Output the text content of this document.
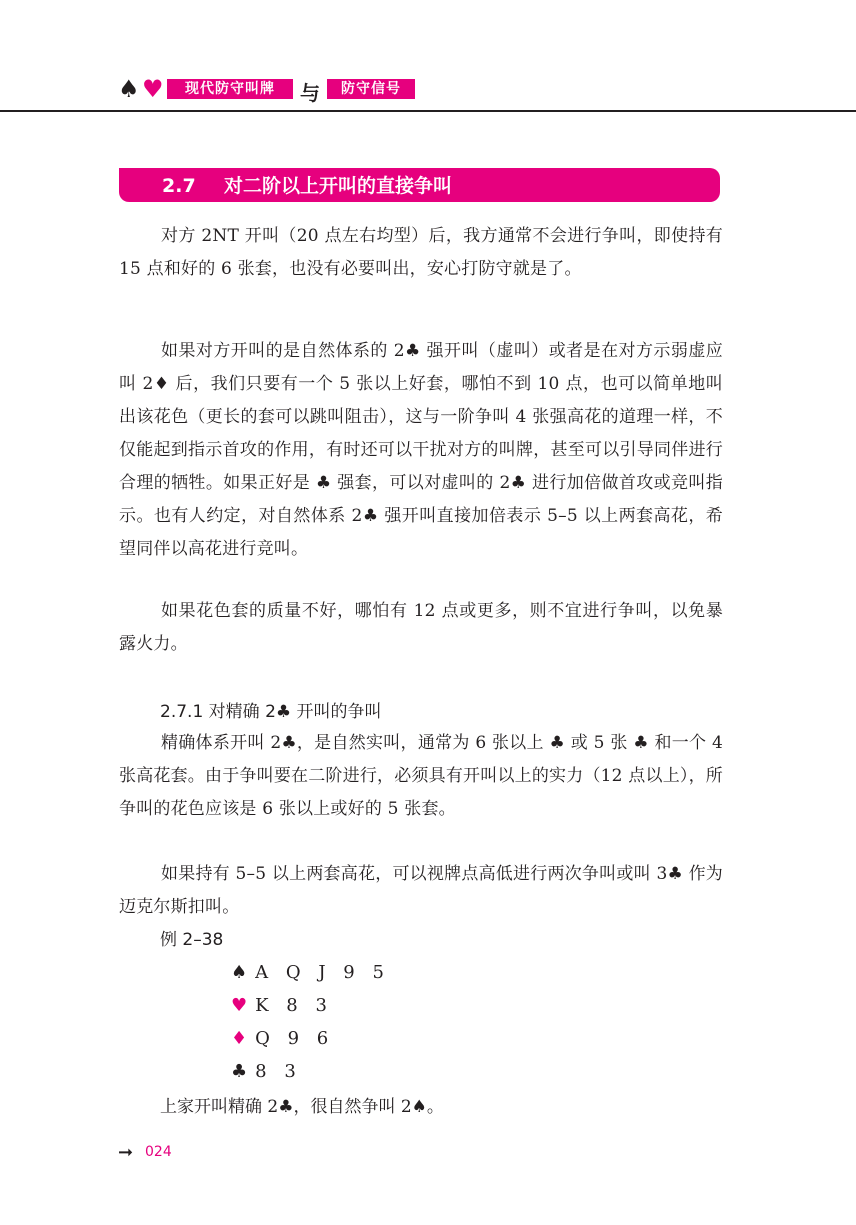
♠ ♥	现代防守叫牌	与	防守信号
2.7 对二阶以上开叫的直接争叫

对方 2NT 开叫（20 点左右均型）后，我方通常不会进行争叫，即使持有 15 点和好的 6 张套，也没有必要叫出，安心打防守就是了。

如果对方开叫的是自然体系的 2♣ 强开叫（虚叫）或者是在对方示弱虚应叫 2♦ 后，我们只要有一个 5 张以上好套，哪怕不到 10 点，也可以简单地叫出该花色（更长的套可以跳叫阻击），这与一阶争叫 4 张强高花的道理一样，不仅能起到指示首攻的作用，有时还可以干扰对方的叫牌，甚至可以引导同伴进行合理的牺牲。如果正好是 ♣ 强套，可以对虚叫的 2♣ 进行加倍做首攻或竞叫指示。也有人约定，对自然体系 2♣ 强开叫直接加倍表示 5–5 以上两套高花，希望同伴以高花进行竞叫。

如果花色套的质量不好，哪怕有 12 点或更多，则不宜进行争叫，以免暴露火力。

2.7.1 对精确 2♣ 开叫的争叫

精确体系开叫 2♣，是自然实叫，通常为 6 张以上 ♣ 或 5 张 ♣ 和一个 4 张高花套。由于争叫要在二阶进行，必须具有开叫以上的实力（12 点以上），所争叫的花色应该是 6 张以上或好的 5 张套。

如果持有 5–5 以上两套高花，可以视牌点高低进行两次争叫或叫 3♣ 作为迈克尔斯扣叫。

例 2–38
♠ A Q J 9 5
♥ K 8 3
♦ Q 9 6
♣ 8 3
上家开叫精确 2♣，很自然争叫 2♠。
➞ 024
